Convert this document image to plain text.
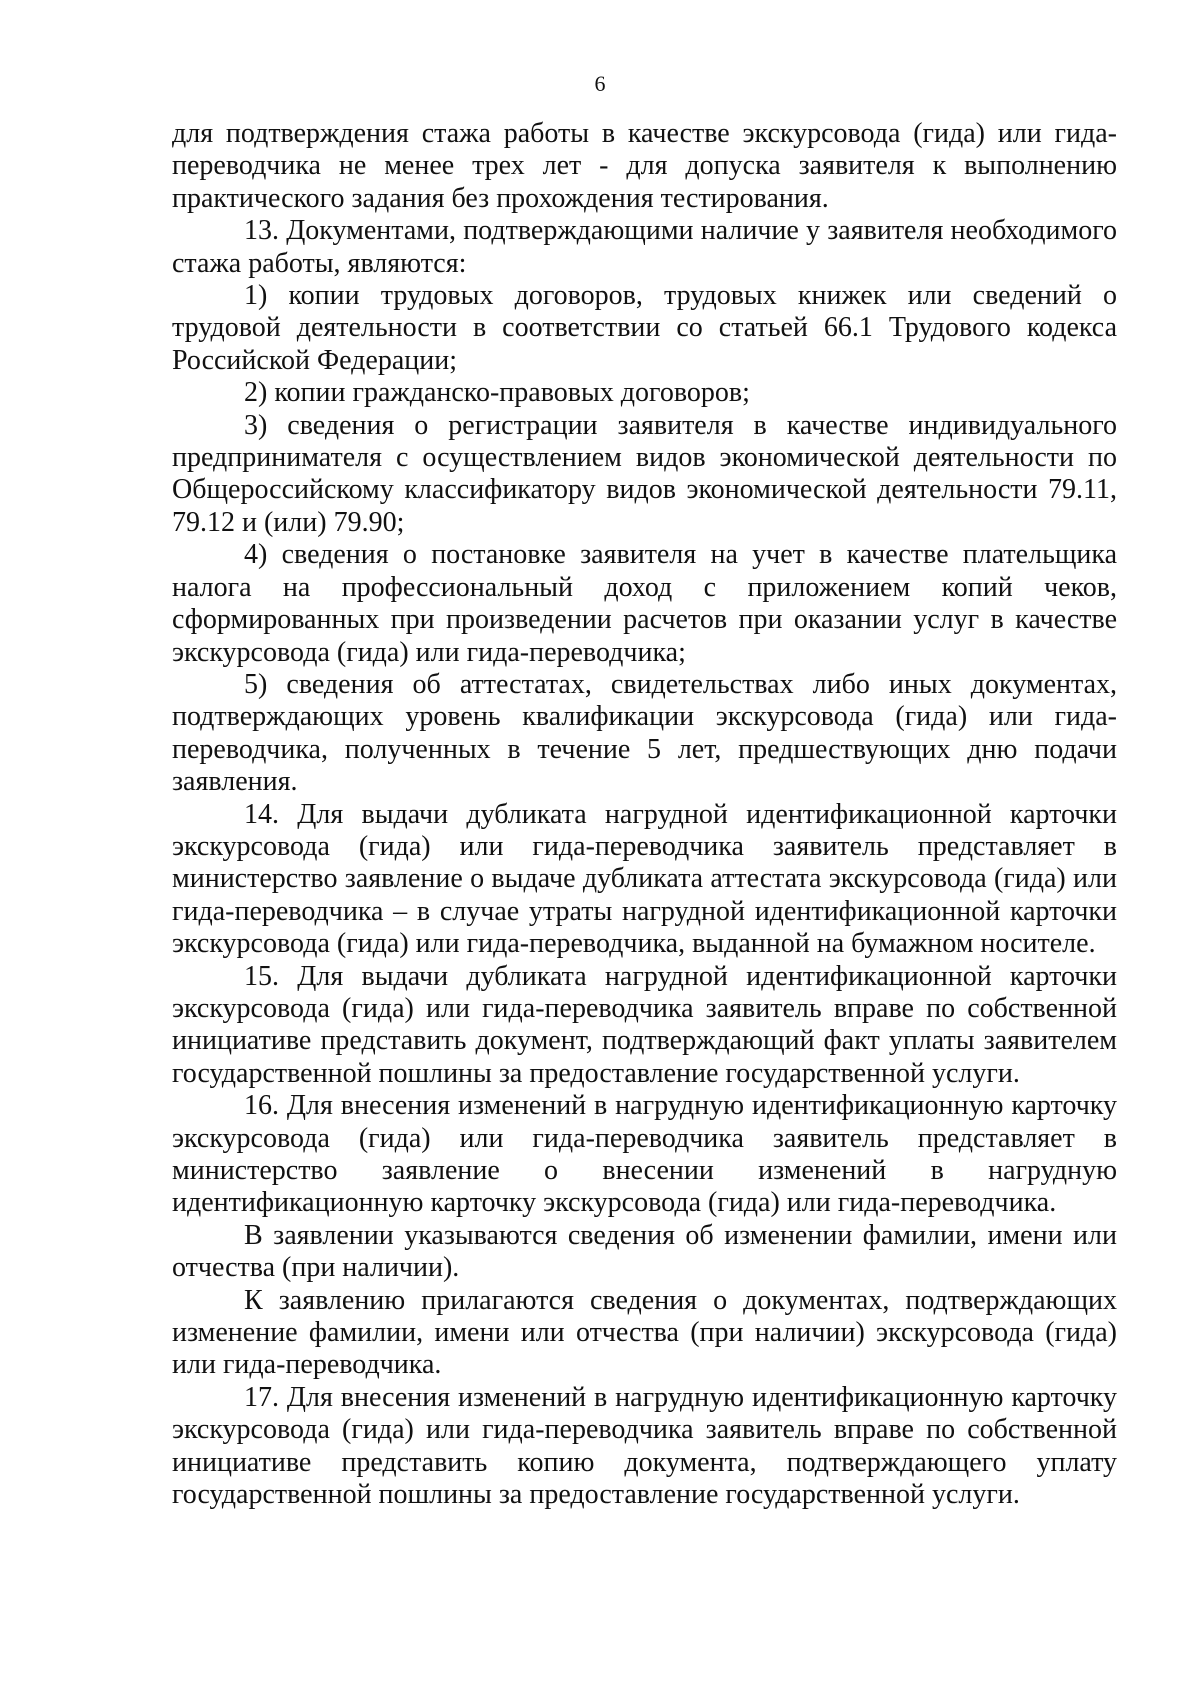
6

для подтверждения стажа работы в качестве экскурсовода (гида) или гида-переводчика не менее трех лет - для допуска заявителя к выполнению практического задания без прохождения тестирования.

13. Документами, подтверждающими наличие у заявителя необходимого стажа работы, являются:

1) копии трудовых договоров, трудовых книжек или сведений о трудовой деятельности в соответствии со статьей 66.1 Трудового кодекса Российской Федерации;

2) копии гражданско-правовых договоров;

3) сведения о регистрации заявителя в качестве индивидуального предпринимателя с осуществлением видов экономической деятельности по Общероссийскому классификатору видов экономической деятельности 79.11, 79.12 и (или) 79.90;

4) сведения о постановке заявителя на учет в качестве плательщика налога на профессиональный доход с приложением копий чеков, сформированных при произведении расчетов при оказании услуг в качестве экскурсовода (гида) или гида-переводчика;

5) сведения об аттестатах, свидетельствах либо иных документах, подтверждающих уровень квалификации экскурсовода (гида) или гида-переводчика, полученных в течение 5 лет, предшествующих дню подачи заявления.

14. Для выдачи дубликата нагрудной идентификационной карточки экскурсовода (гида) или гида-переводчика заявитель представляет в министерство заявление о выдаче дубликата аттестата экскурсовода (гида) или гида-переводчика – в случае утраты нагрудной идентификационной карточки экскурсовода (гида) или гида-переводчика, выданной на бумажном носителе.

15. Для выдачи дубликата нагрудной идентификационной карточки экскурсовода (гида) или гида-переводчика заявитель вправе по собственной инициативе представить документ, подтверждающий факт уплаты заявителем государственной пошлины за предоставление государственной услуги.

16. Для внесения изменений в нагрудную идентификационную карточку экскурсовода (гида) или гида-переводчика заявитель представляет в министерство заявление о внесении изменений в нагрудную идентификационную карточку экскурсовода (гида) или гида-переводчика.

В заявлении указываются сведения об изменении фамилии, имени или отчества (при наличии).

К заявлению прилагаются сведения о документах, подтверждающих изменение фамилии, имени или отчества (при наличии) экскурсовода (гида) или гида-переводчика.

17. Для внесения изменений в нагрудную идентификационную карточку экскурсовода (гида) или гида-переводчика заявитель вправе по собственной инициативе представить копию документа, подтверждающего уплату государственной пошлины за предоставление государственной услуги.
